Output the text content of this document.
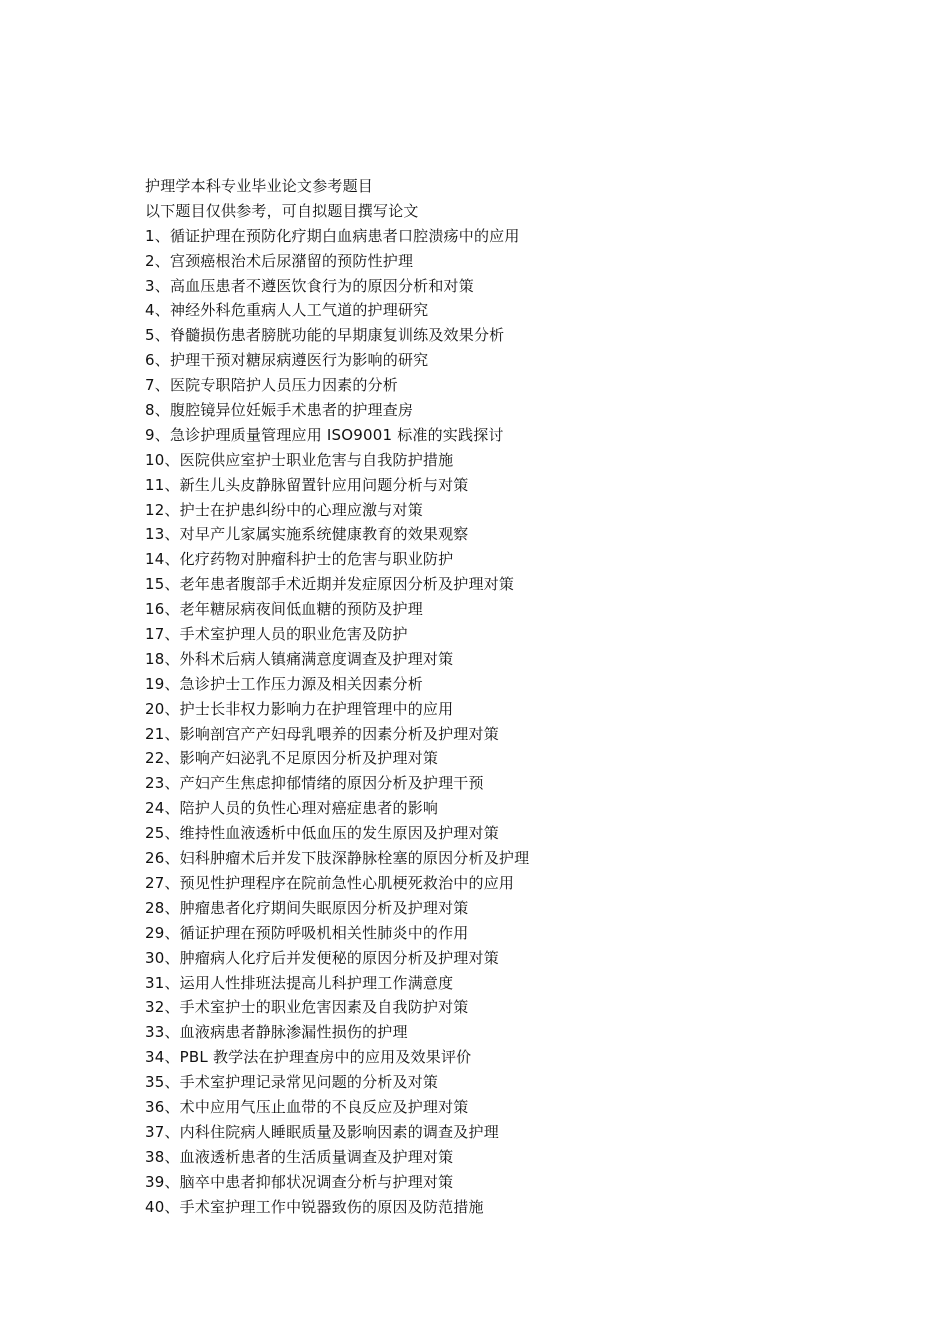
护理学本科专业毕业论文参考题目
以下题目仅供参考，可自拟题目撰写论文
1、循证护理在预防化疗期白血病患者口腔溃疡中的应用
2、宫颈癌根治术后尿潴留的预防性护理
3、高血压患者不遵医饮食行为的原因分析和对策
4、神经外科危重病人人工气道的护理研究
5、脊髓损伤患者膀胱功能的早期康复训练及效果分析
6、护理干预对糖尿病遵医行为影响的研究
7、医院专职陪护人员压力因素的分析
8、腹腔镜异位妊娠手术患者的护理查房
9、急诊护理质量管理应用 ISO9001 标准的实践探讨
10、医院供应室护士职业危害与自我防护措施
11、新生儿头皮静脉留置针应用问题分析与对策
12、护士在护患纠纷中的心理应激与对策
13、对早产儿家属实施系统健康教育的效果观察
14、化疗药物对肿瘤科护士的危害与职业防护
15、老年患者腹部手术近期并发症原因分析及护理对策
16、老年糖尿病夜间低血糖的预防及护理
17、手术室护理人员的职业危害及防护
18、外科术后病人镇痛满意度调查及护理对策
19、急诊护士工作压力源及相关因素分析
20、护士长非权力影响力在护理管理中的应用
21、影响剖宫产产妇母乳喂养的因素分析及护理对策
22、影响产妇泌乳不足原因分析及护理对策
23、产妇产生焦虑抑郁情绪的原因分析及护理干预
24、陪护人员的负性心理对癌症患者的影响
25、维持性血液透析中低血压的发生原因及护理对策
26、妇科肿瘤术后并发下肢深静脉栓塞的原因分析及护理
27、预见性护理程序在院前急性心肌梗死救治中的应用
28、肿瘤患者化疗期间失眠原因分析及护理对策
29、循证护理在预防呼吸机相关性肺炎中的作用
30、肿瘤病人化疗后并发便秘的原因分析及护理对策
31、运用人性排班法提高儿科护理工作满意度
32、手术室护士的职业危害因素及自我防护对策
33、血液病患者静脉渗漏性损伤的护理
34、PBL 教学法在护理查房中的应用及效果评价
35、手术室护理记录常见问题的分析及对策
36、术中应用气压止血带的不良反应及护理对策
37、内科住院病人睡眠质量及影响因素的调查及护理
38、血液透析患者的生活质量调查及护理对策
39、脑卒中患者抑郁状况调查分析与护理对策
40、手术室护理工作中锐器致伤的原因及防范措施
